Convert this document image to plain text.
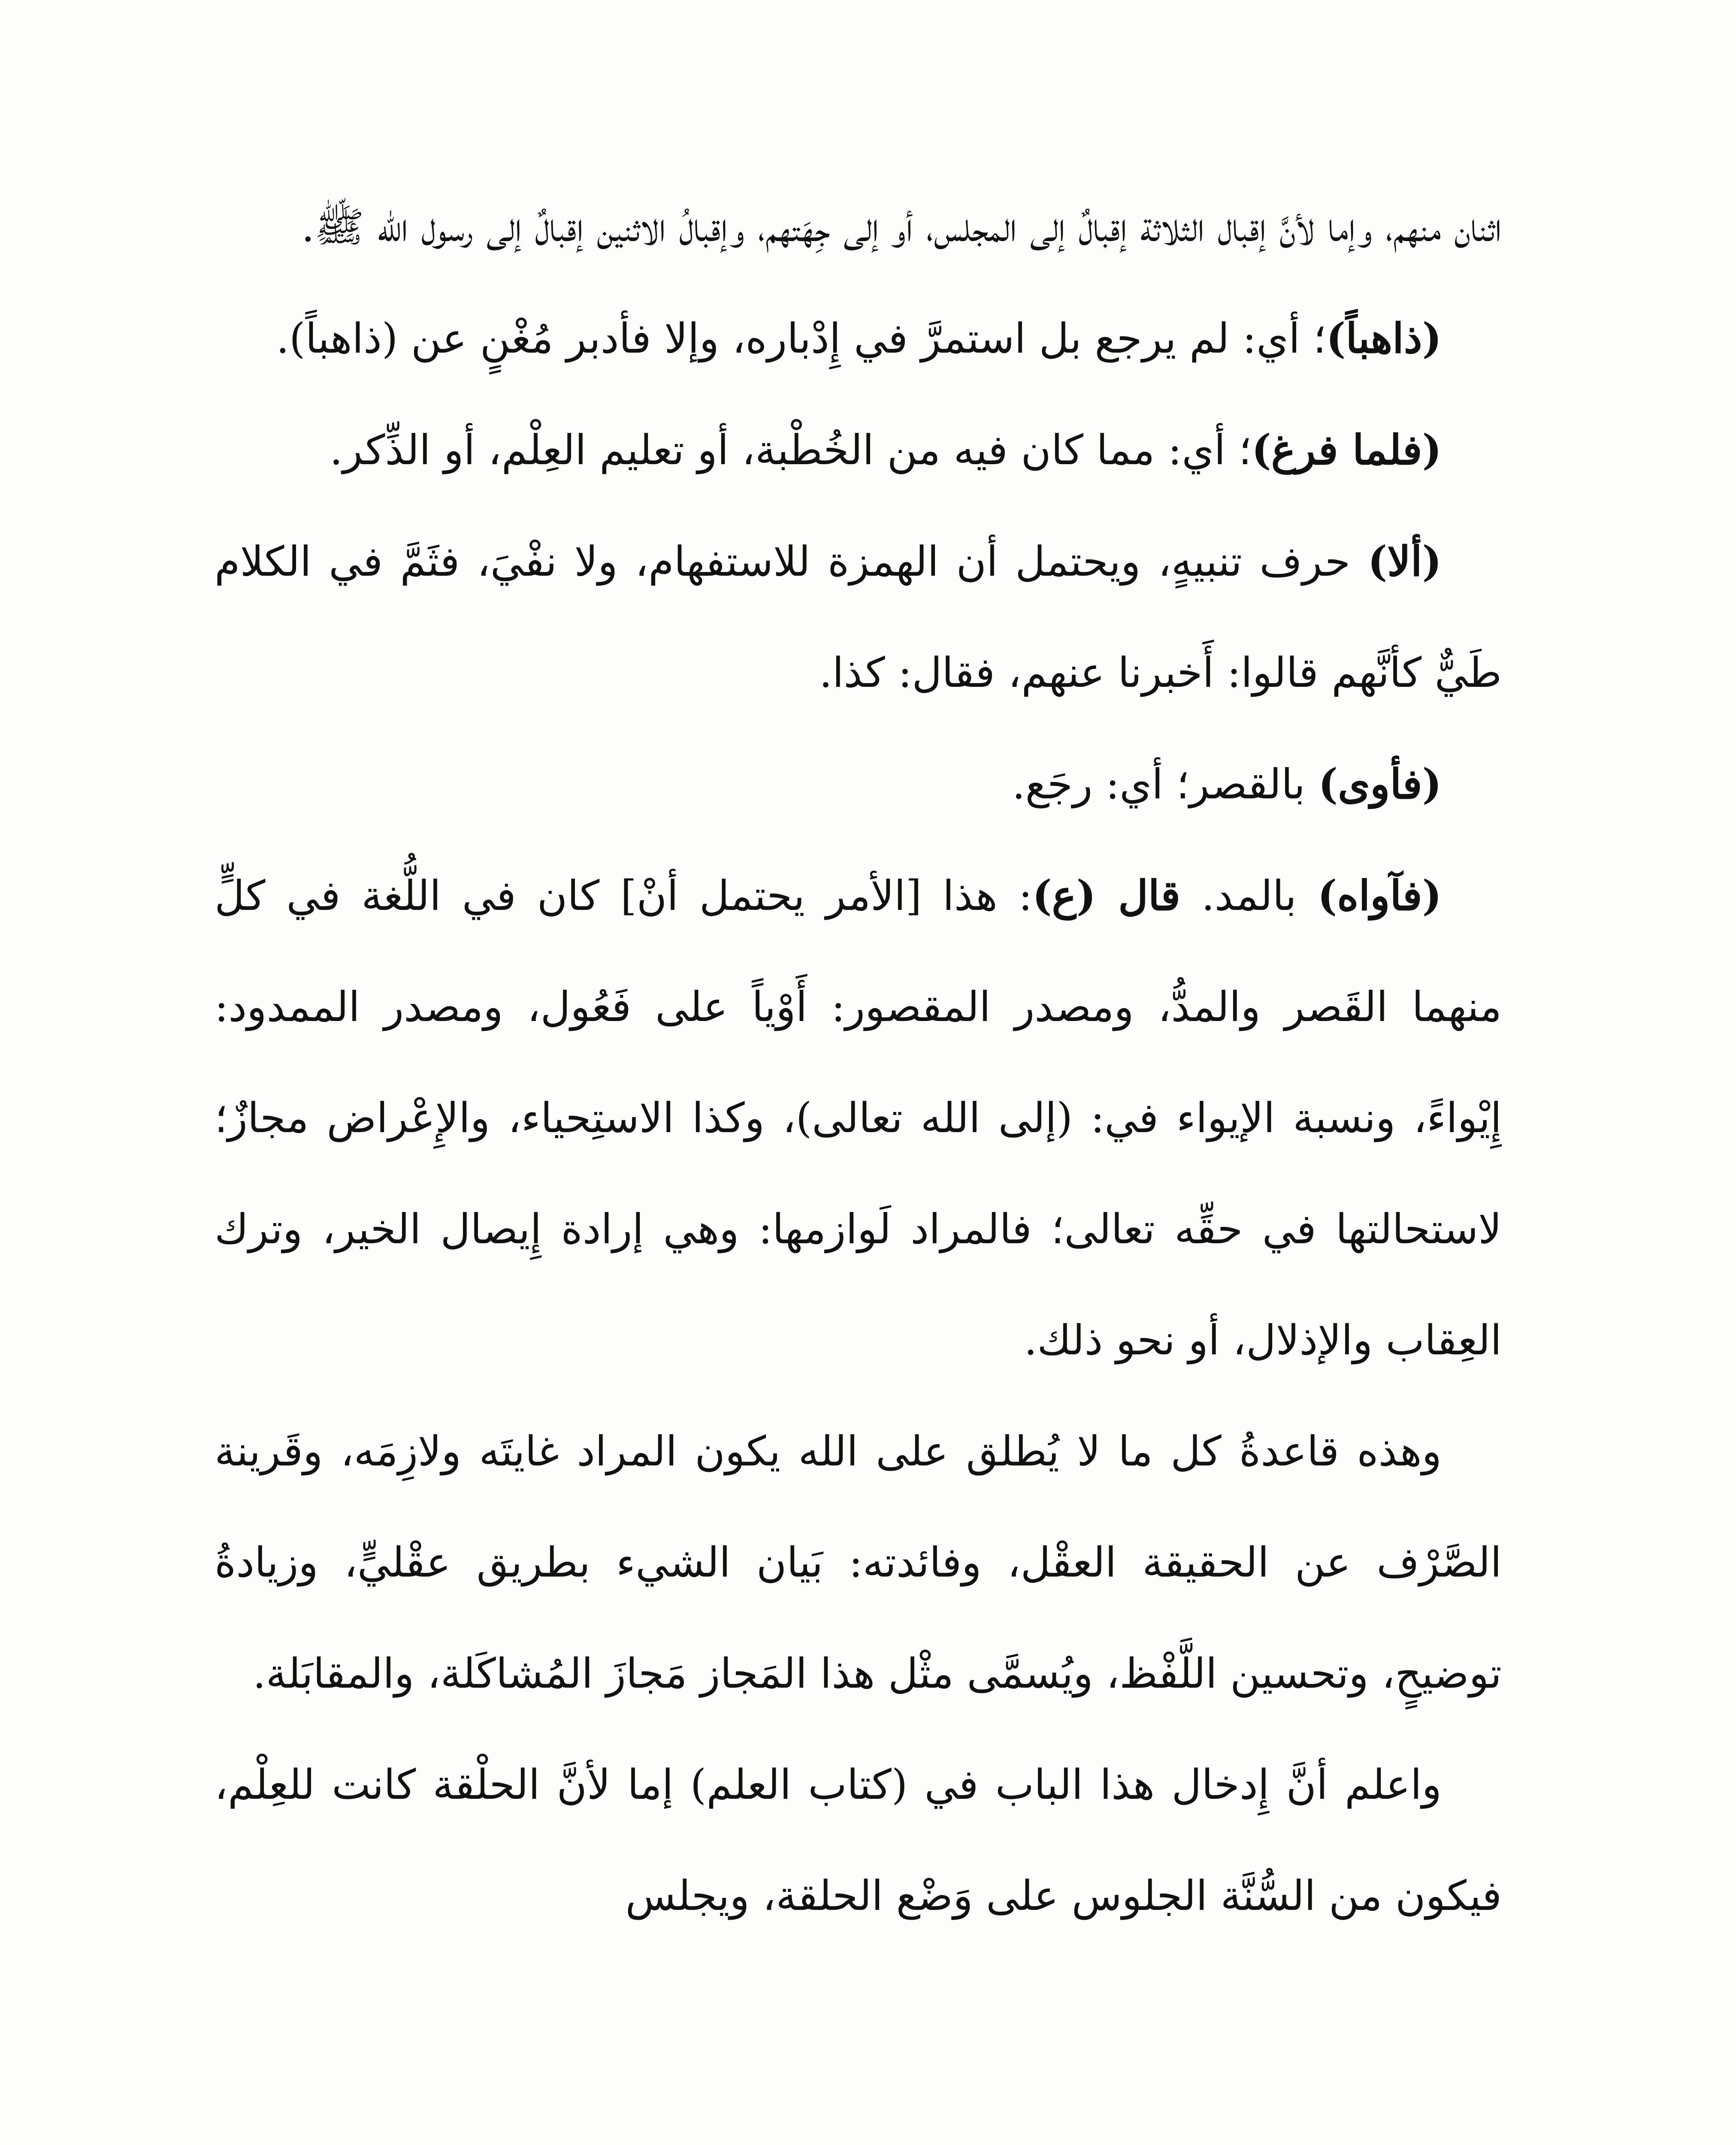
اثنان منهم، وإما لأنَّ إقبال الثلاثة إقبالٌ إلى المجلس، أو إلى جِهَتهم، وإقبالُ الاثنين إقبالٌ إلى رسول الله ﷺ.

(ذاهباً)؛ أي: لم يرجع بل استمرَّ في إِدْباره، وإلا فأدبر مُغْنٍ عن (ذاهباً).

(فلما فرغ)؛ أي: مما كان فيه من الخُطْبة، أو تعليم العِلْم، أو الذِّكر.

(ألا) حرف تنبيهٍ، ويحتمل أن الهمزة للاستفهام، ولا نفْيَ، فثَمَّ في الكلام طَيٌّ كأنَّهم قالوا: أَخبرنا عنهم، فقال: كذا.

(فأوى) بالقصر؛ أي: رجَع.

(فآواه) بالمد. قال (ع): هذا [الأمر يحتمل أنْ] كان في اللُّغة في كلٍّ منهما القَصر والمدُّ، ومصدر المقصور: أَوْياً على فَعُول، ومصدر الممدود: إِيْواءً، ونسبة الإيواء في: (إلى الله تعالى)، وكذا الاستِحياء، والإِعْراض مجازٌ؛ لاستحالتها في حقِّه تعالى؛ فالمراد لَوازمها: وهي إرادة إِيصال الخير، وترك العِقاب والإذلال، أو نحو ذلك.

وهذه قاعدةُ كل ما لا يُطلق على الله يكون المراد غايتَه ولازِمَه، وقَرينة الصَّرْف عن الحقيقة العقْل، وفائدته: بَيان الشيء بطريق عقْليٍّ، وزيادةُ توضيحٍ، وتحسين اللَّفْظ، ويُسمَّى مثْل هذا المَجاز مَجازَ المُشاكَلة، والمقابَلة.

واعلم أنَّ إِدخال هذا الباب في (كتاب العلم) إما لأنَّ الحلْقة كانت للعِلْم، فيكون من السُّنَّة الجلوس على وَضْع الحلقة، ويجلس
